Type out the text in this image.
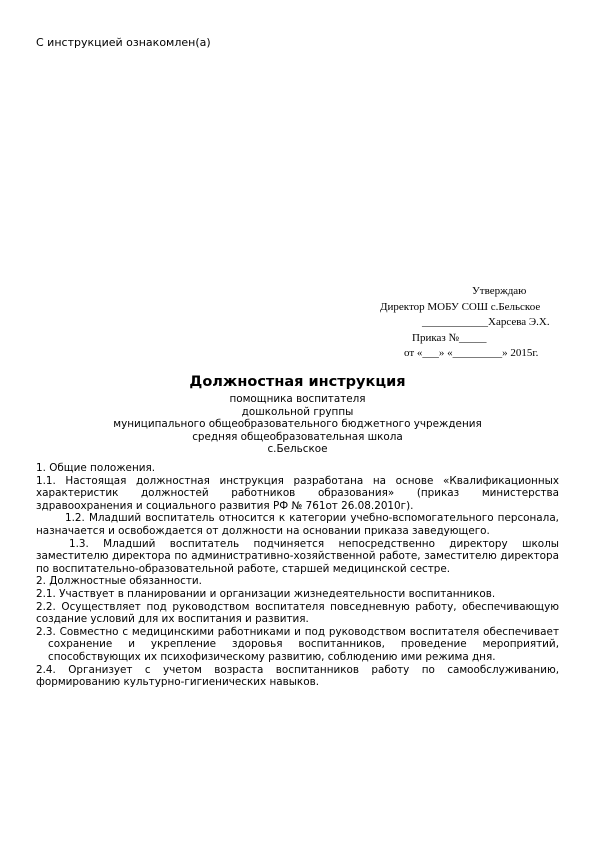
С инструкцией ознакомлен(а)
Утверждаю
Директор МОБУ СОШ с.Бельское
____________Харсева Э.Х.
Приказ №_____
от «___» «_________» 2015г.
Должностная инструкция
помощника воспитателя
дошкольной группы
муниципального общеобразовательного бюджетного учреждения
средняя общеобразовательная школа
с.Бельское

1. Общие положения.

1.1. Настоящая должностная инструкция разработана на основе «Квалификационных характеристик должностей работников образования» (приказ министерства здравоохранения и социального развития РФ № 761от 26.08.2010г).

1.2. Младший воспитатель относится к категории учебно-вспомогательного персонала, назначается и освобождается от должности на основании приказа заведующего.

1.3. Младший воспитатель подчиняется непосредственно директору школы заместителю директора по административно-хозяйственной работе, заместителю директора по воспитательно-образовательной работе, старшей медицинской сестре.

2. Должностные обязанности.

2.1. Участвует в планировании и организации жизнедеятельности воспитанников.

2.2. Осуществляет под руководством воспитателя повседневную работу, обеспечивающую создание условий для их воспитания и развития.

2.3. Совместно с медицинскими работниками и под руководством воспитателя обеспечивает сохранение и укрепление здоровья воспитанников, проведение мероприятий, способствующих их психофизическому развитию, соблюдению ими режима дня.

2.4. Организует с учетом возраста воспитанников работу по самообслуживанию, формированию культурно-гигиенических навыков.
